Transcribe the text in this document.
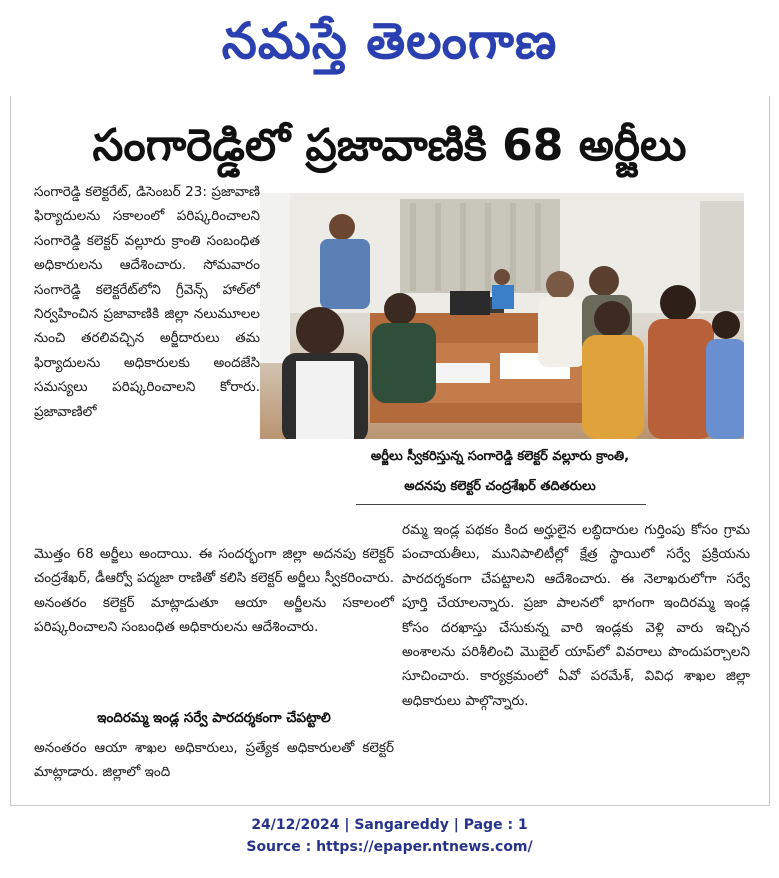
నమస్తే తెలంగాణ
సంగారెడ్డిలో ప్రజావాణికి 68 అర్జీలు

సంగారెడ్డి కలెక్టరేట్, డిసెంబర్ 23: ప్రజావాణి ఫిర్యాదులను సకాలంలో పరిష్కరించాలని సంగారెడ్డి కలెక్టర్ వల్లూరు క్రాంతి సంబంధిత అధికారులను ఆదేశించారు. సోమవారం సంగారెడ్డి కలెక్టరేట్‌లోని గ్రీవెన్స్ హాల్‌లో నిర్వహించిన ప్రజావాణికి జిల్లా నలుమూలల నుంచి తరలివచ్చిన అర్జీదారులు తమ ఫిర్యాదులను అధికారులకు అందజేసి సమస్యలు పరిష్కరించాలని కోరారు. ప్రజావాణిలో

అర్జీలు స్వీకరిస్తున్న సంగారెడ్డి కలెక్టర్ వల్లూరు క్రాంతి,
అదనపు కలెక్టర్ చంద్రశేఖర్ తదితరులు

మొత్తం 68 అర్జీలు అందాయి. ఈ సందర్భంగా జిల్లా అదనపు కలెక్టర్ చంద్రశేఖర్, డీఆర్వో పద్మజా రాణితో కలిసి కలెక్టర్ అర్జీలు స్వీకరించారు. అనంతరం కలెక్టర్ మాట్లాడుతూ ఆయా అర్జీలను సకాలంలో పరిష్కరించాలని సంబంధిత అధికారులను ఆదేశించారు.

ఇందిరమ్మ ఇండ్ల సర్వే పారదర్శకంగా చేపట్టాలి

అనంతరం ఆయా శాఖల అధికారులు, ప్రత్యేక అధికారులతో కలెక్టర్ మాట్లాడారు. జిల్లాలో ఇంది

రమ్మ ఇండ్ల పథకం కింద అర్హులైన లబ్ధిదారుల గుర్తింపు కోసం గ్రామ పంచాయతీలు, మునిపాలిటీల్లో క్షేత్ర స్థాయిలో సర్వే ప్రక్రియను పారదర్శకంగా చేపట్టాలని ఆదేశించారు. ఈ నెలాఖరులోగా సర్వే పూర్తి చేయాలన్నారు. ప్రజా పాలనలో భాగంగా ఇందిరమ్మ ఇండ్ల కోసం దరఖాస్తు చేసుకున్న వారి ఇండ్లకు వెళ్లి వారు ఇచ్చిన అంశాలను పరిశీలించి మొబైల్ యాప్‌లో వివరాలు పొందుపర్చాలని సూచించారు. కార్యక్రమంలో ఏవో పరమేశ్, వివిధ శాఖల జిల్లా అధికారులు పాల్గొన్నారు.

24/12/2024 | Sangareddy | Page : 1
Source : https://epaper.ntnews.com/
